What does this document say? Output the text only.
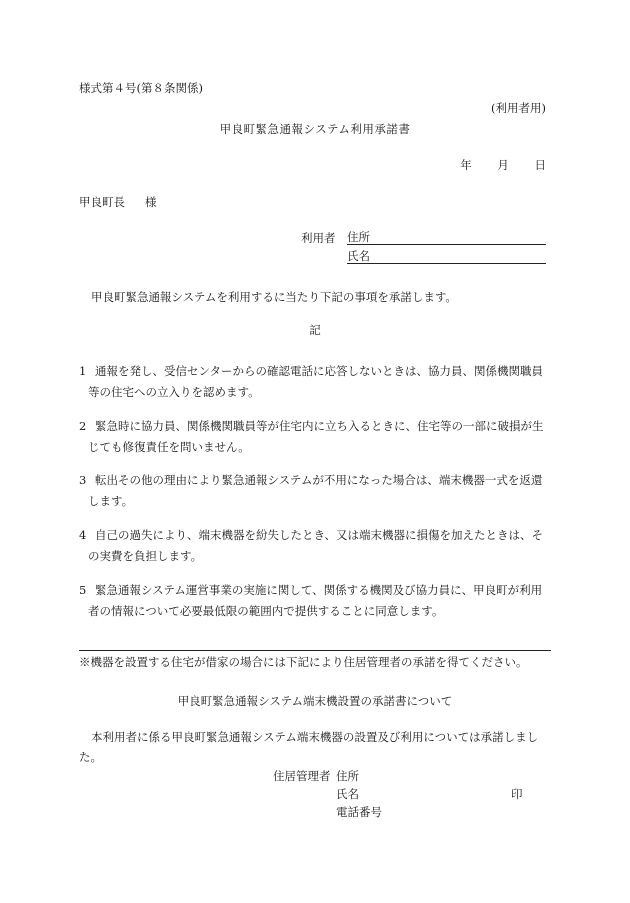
様式第４号(第８条関係)
(利用者用)
甲良町緊急通報システム利用承諾書
年 月 日
甲良町長 様
利用者 住所
氏名
甲良町緊急通報システムを利用するに当たり下記の事項を承諾します。
記
1 通報を発し、受信センターからの確認電話に応答しないときは、協力員、関係機関職員
等の住宅への立入りを認めます。
2 緊急時に協力員、関係機関職員等が住宅内に立ち入るときに、住宅等の一部に破損が生
じても修復責任を問いません。
3 転出その他の理由により緊急通報システムが不用になった場合は、端末機器一式を返還
します。
4 自己の過失により、端末機器を紛失したとき、又は端末機器に損傷を加えたときは、そ
の実費を負担します。
5 緊急通報システム運営事業の実施に関して、関係する機関及び協力員に、甲良町が利用
者の情報について必要最低限の範囲内で提供することに同意します。
※機器を設置する住宅が借家の場合には下記により住居管理者の承諾を得てください。
甲良町緊急通報システム端末機設置の承諾書について
本利用者に係る甲良町緊急通報システム端末機器の設置及び利用については承諾しまし
た。
住居管理者 住所
氏名	印
電話番号
